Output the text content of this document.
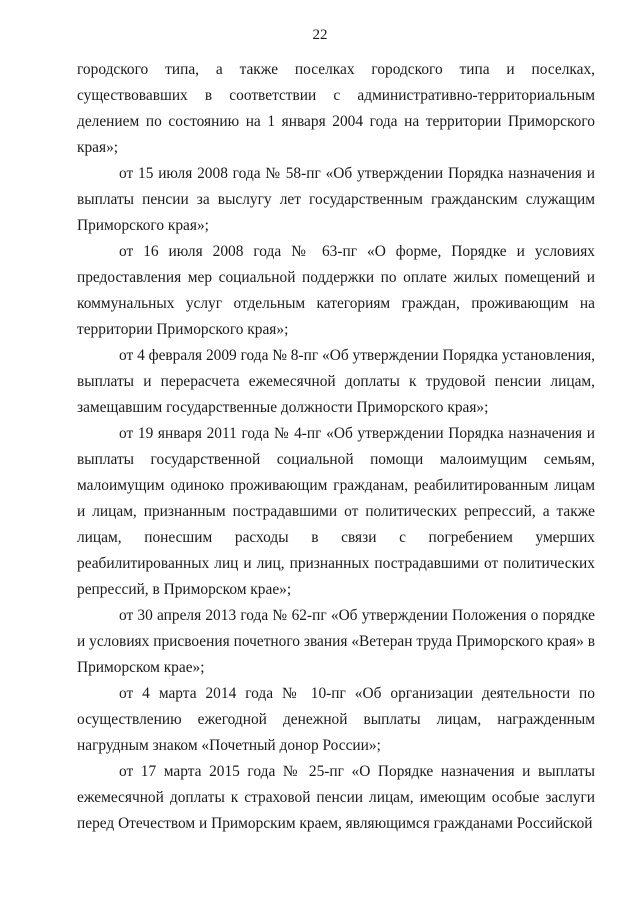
22

городского типа, а также поселках городского типа и поселках, существовавших в соответствии с административно-территориальным делением по состоянию на 1 января 2004 года на территории Приморского края»;

от 15 июля 2008 года № 58-пг «Об утверждении Порядка назначения и выплаты пенсии за выслугу лет государственным гражданским служащим Приморского края»;

от 16 июля 2008 года № 63-пг «О форме, Порядке и условиях предоставления мер социальной поддержки по оплате жилых помещений и коммунальных услуг отдельным категориям граждан, проживающим на территории Приморского края»;

от 4 февраля 2009 года № 8-пг «Об утверждении Порядка установления, выплаты и перерасчета ежемесячной доплаты к трудовой пенсии лицам, замещавшим государственные должности Приморского края»;

от 19 января 2011 года № 4-пг «Об утверждении Порядка назначения и выплаты государственной социальной помощи малоимущим семьям, малоимущим одиноко проживающим гражданам, реабилитированным лицам и лицам, признанным пострадавшими от политических репрессий, а также лицам, понесшим расходы в связи с погребением умерших реабилитированных лиц и лиц, признанных пострадавшими от политических репрессий, в Приморском крае»;

от 30 апреля 2013 года № 62-пг «Об утверждении Положения о порядке и условиях присвоения почетного звания «Ветеран труда Приморского края» в Приморском крае»;

от 4 марта 2014 года № 10-пг «Об организации деятельности по осуществлению ежегодной денежной выплаты лицам, награжденным нагрудным знаком «Почетный донор России»;

от 17 марта 2015 года № 25-пг «О Порядке назначения и выплаты ежемесячной доплаты к страховой пенсии лицам, имеющим особые заслуги перед Отечеством и Приморским краем, являющимся гражданами Российской
